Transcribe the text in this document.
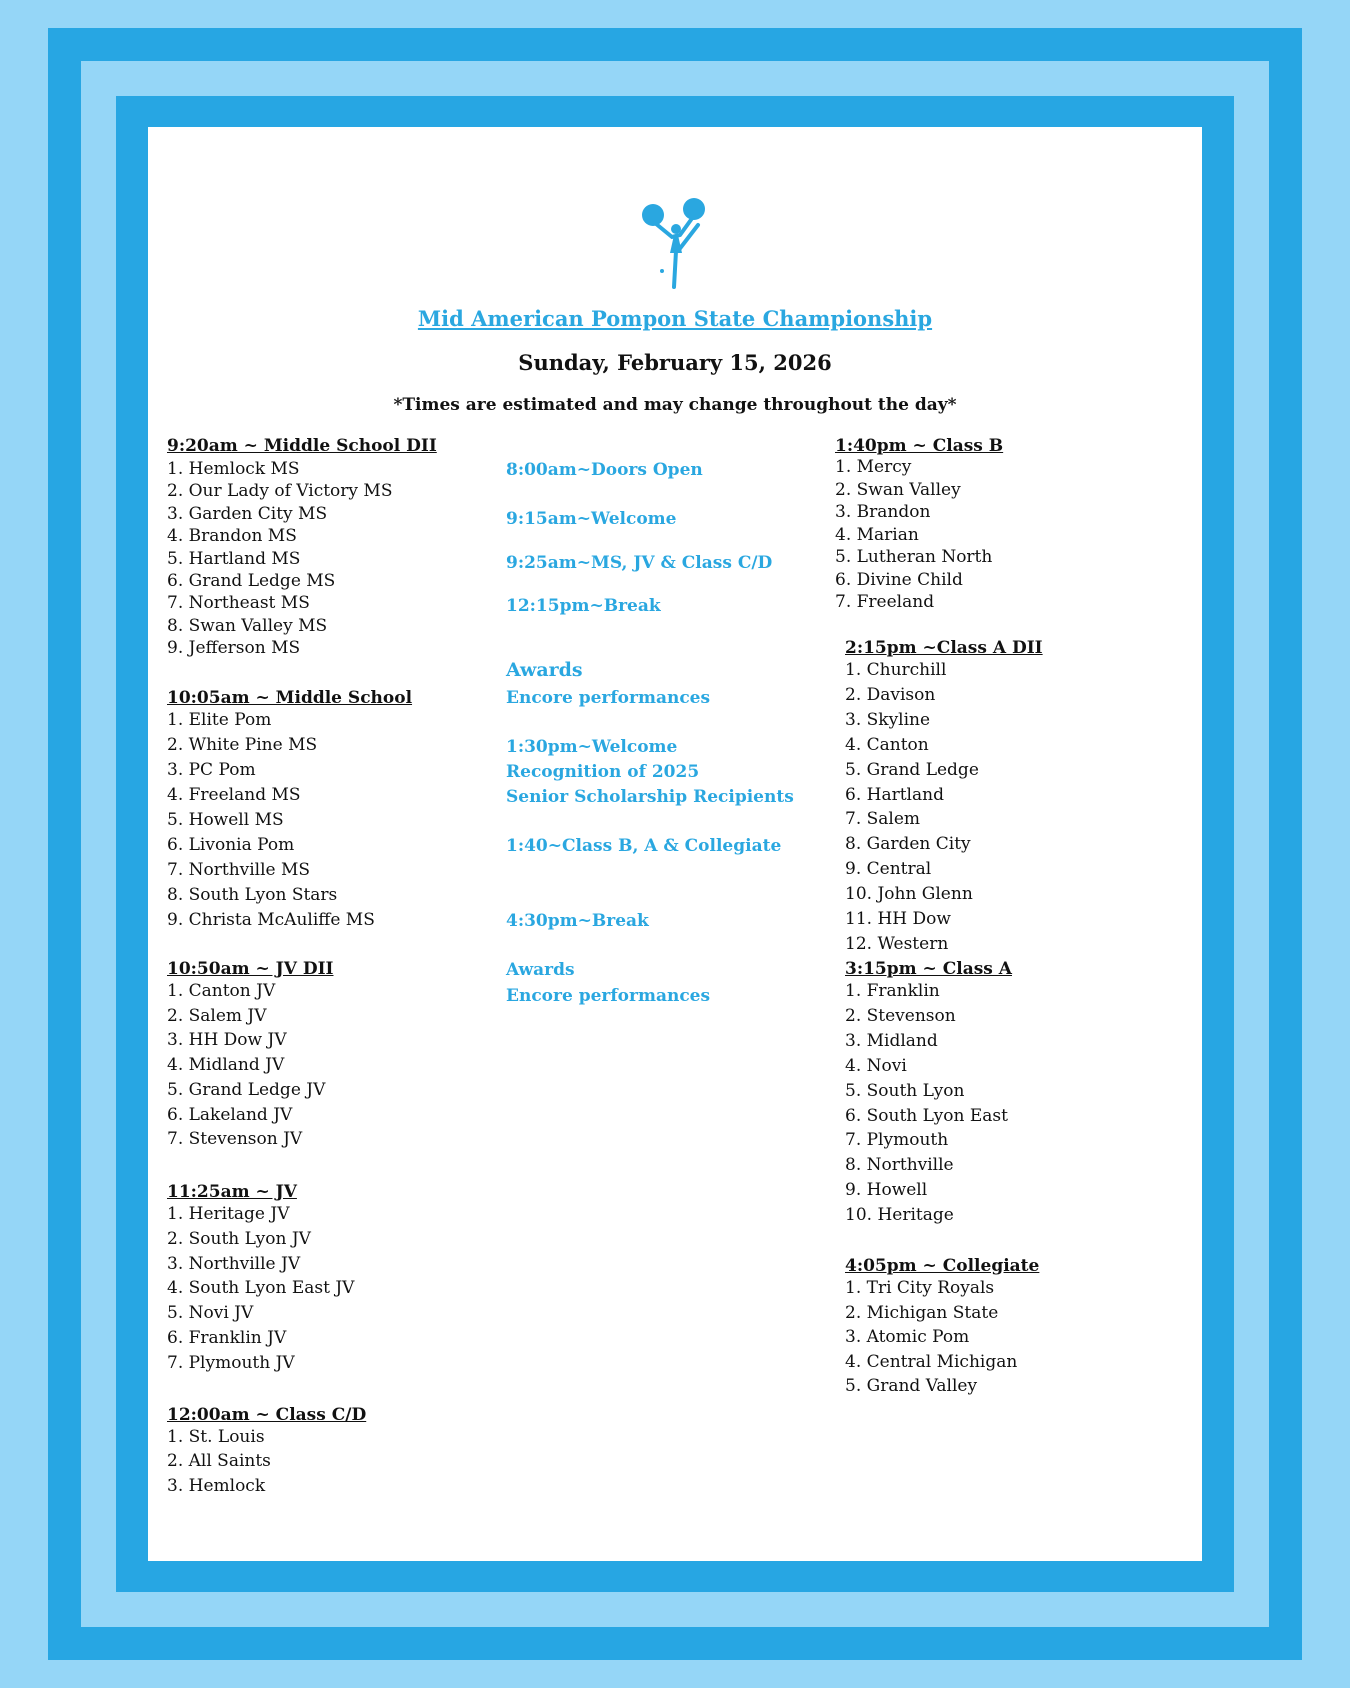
Mid American Pompon State Championship
Sunday, February 15, 2026
*Times are estimated and may change throughout the day*
9:20am ~ Middle School DII
1. Hemlock MS
2. Our Lady of Victory MS
3. Garden City MS
4. Brandon MS
5. Hartland MS
6. Grand Ledge MS
7. Northeast MS
8. Swan Valley MS
9. Jefferson MS
10:05am ~ Middle School
1. Elite Pom
2. White Pine MS
3. PC Pom
4. Freeland MS
5. Howell MS
6. Livonia Pom
7. Northville MS
8. South Lyon Stars
9. Christa McAuliffe MS
10:50am ~ JV DII
1. Canton JV
2. Salem JV
3. HH Dow JV
4. Midland JV
5. Grand Ledge JV
6. Lakeland JV
7. Stevenson JV
11:25am ~ JV
1. Heritage JV
2. South Lyon JV
3. Northville JV
4. South Lyon East JV
5. Novi JV
6. Franklin JV
7. Plymouth JV
12:00am ~ Class C/D
1. St. Louis
2. All Saints
3. Hemlock
8:00am~Doors Open
9:15am~Welcome
9:25am~MS, JV & Class C/D
12:15pm~Break
Awards
Encore performances
1:30pm~Welcome
Recognition of 2025
Senior Scholarship Recipients
1:40~Class B, A & Collegiate
4:30pm~Break
Awards
Encore performances
1:40pm ~ Class B
1. Mercy
2. Swan Valley
3. Brandon
4. Marian
5. Lutheran North
6. Divine Child
7. Freeland
2:15pm ~Class A DII
1. Churchill
2. Davison
3. Skyline
4. Canton
5. Grand Ledge
6. Hartland
7. Salem
8. Garden City
9. Central
10. John Glenn
11. HH Dow
12. Western
3:15pm ~ Class A
1. Franklin
2. Stevenson
3. Midland
4. Novi
5. South Lyon
6. South Lyon East
7. Plymouth
8. Northville
9. Howell
10. Heritage
4:05pm ~ Collegiate
1. Tri City Royals
2. Michigan State
3. Atomic Pom
4. Central Michigan
5. Grand Valley
